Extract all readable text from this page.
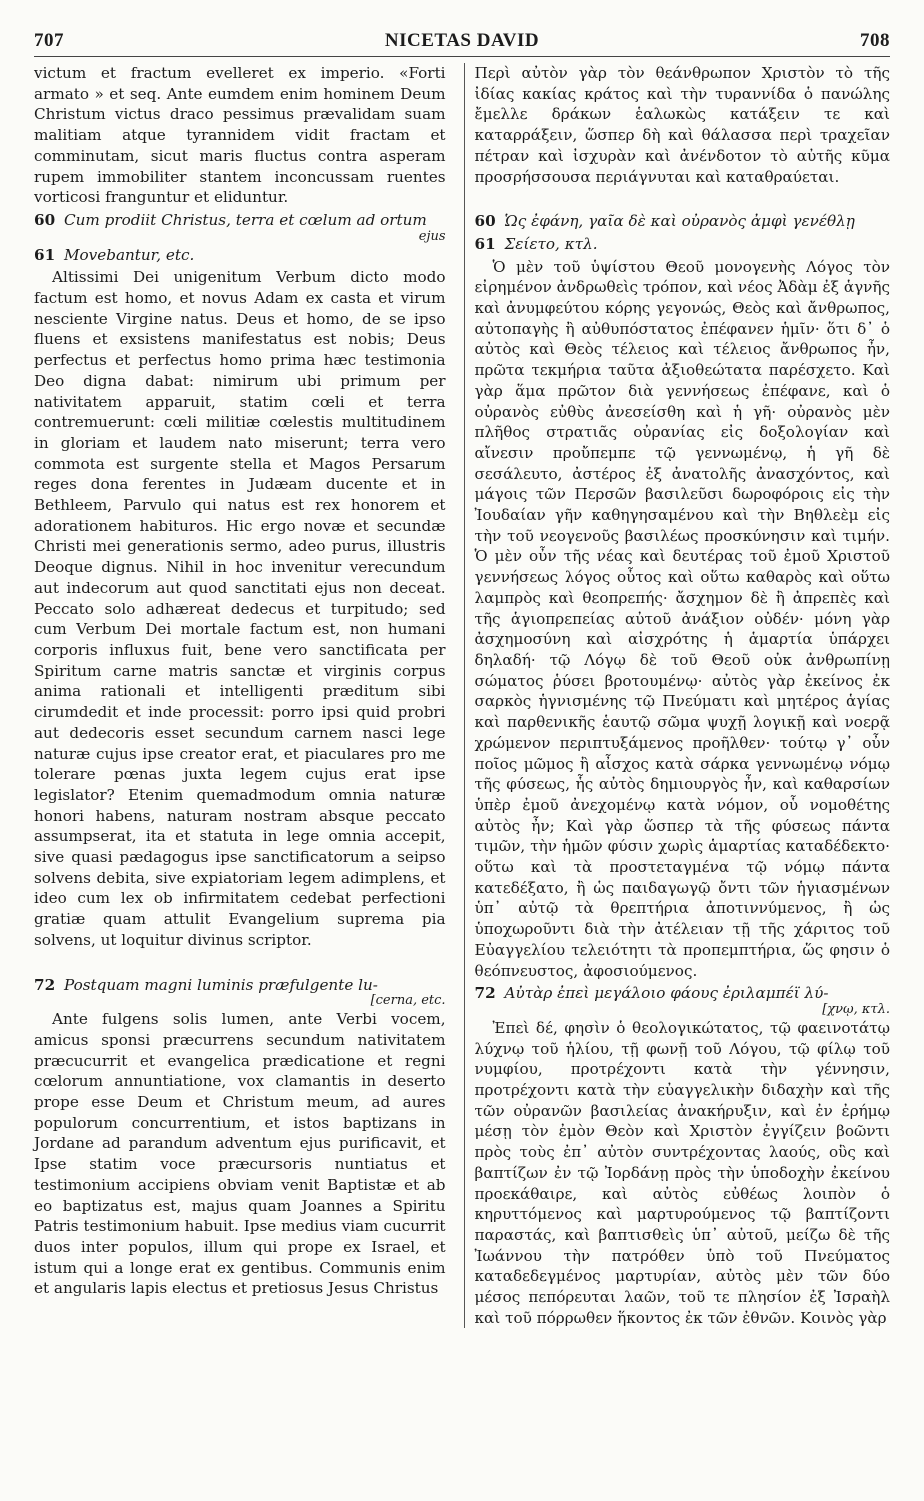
707	NICETAS DAVID	708

victum et fractum evelleret ex imperio. «Forti armato » et seq. Ante eumdem enim hominem Deum Christum victus draco pessimus prævalidam suam malitiam atque tyrannidem vidit fractam et comminutam, sicut maris fluctus contra asperam rupem immobiliter stantem inconcussam ruentes vorticosi franguntur et eliduntur.

60 Cum prodiit Christus, terra et cœlum ad ortum
ejus
61 Movebantur, etc.

Altissimi Dei unigenitum Verbum dicto modo factum est homo, et novus Adam ex casta et virum nesciente Virgine natus. Deus et homo, de se ipso fluens et exsistens manifestatus est nobis; Deus perfectus et perfectus homo prima hæc testimonia Deo digna dabat: nimirum ubi primum per nativitatem apparuit, statim cœli et terra contremuerunt: cœli militiæ cœlestis multitudinem in gloriam et laudem nato miserunt; terra vero commota est surgente stella et Magos Persarum reges dona ferentes in Judæam ducente et in Bethleem, Parvulo qui natus est rex honorem et adorationem habituros. Hic ergo novæ et secundæ Christi mei generationis sermo, adeo purus, illustris Deoque dignus. Nihil in hoc invenitur verecundum aut indecorum aut quod sanctitati ejus non deceat. Peccato solo adhæreat dedecus et turpitudo; sed cum Verbum Dei mortale factum est, non humani corporis influxus fuit, bene vero sanctificata per Spiritum carne matris sanctæ et virginis corpus anima rationali et intelligenti præditum sibi cirumdedit et inde processit: porro ipsi quid probri aut dedecoris esset secundum carnem nasci lege naturæ cujus ipse creator erat, et piaculares pro me tolerare pœnas juxta legem cujus erat ipse legislator? Etenim quemadmodum omnia naturæ honori habens, naturam nostram absque peccato assumpserat, ita et statuta in lege omnia accepit, sive quasi pædagogus ipse sanctificatorum a seipso solvens debita, sive expiatoriam legem adimplens, et ideo cum lex ob infirmitatem cedebat perfectioni gratiæ quam attulit Evangelium suprema pia solvens, ut loquitur divinus scriptor.

72 Postquam magni luminis præfulgente lu-
[cerna, etc.

Ante fulgens solis lumen, ante Verbi vocem, amicus sponsi præcurrens secundum nativitatem præcucurrit et evangelica prædicatione et regni cœlorum annuntiatione, vox clamantis in deserto prope esse Deum et Christum meum, ad aures populorum concurrentium, et istos baptizans in Jordane ad parandum adventum ejus purificavit, et Ipse statim voce præcursoris nuntiatus et testimonium accipiens obviam venit Baptistæ et ab eo baptizatus est, majus quam Joannes a Spiritu Patris testimonium habuit. Ipse medius viam cucurrit duos inter populos, illum qui prope ex Israel, et istum qui a longe erat ex gentibus. Communis enim et angularis lapis electus et pretiosus Jesus Christus

Περὶ αὐτὸν γὰρ τὸν θεάνθρωπον Χριστὸν τὸ τῆς ἰδίας κακίας κράτος καὶ τὴν τυραννίδα ὁ πανώλης ἔμελλε δράκων ἑαλωκὼς κατάξειν τε καὶ καταρράξειν, ὥσπερ δὴ καὶ θάλασσα περὶ τραχεῖαν πέτραν καὶ ἰσχυρὰν καὶ ἀνένδοτον τὸ αὐτῆς κῦμα προσρήσσουσα περιάγνυται καὶ καταθραύεται.

60 Ὡς ἐφάνη, γαῖα δὲ καὶ οὐρανὸς ἀμφὶ γενέθλῃ
61 Σείετο, κτλ.

Ὁ μὲν τοῦ ὑψίστου Θεοῦ μονογενὴς Λόγος τὸν εἰρημένον ἀνδρωθεὶς τρόπον, καὶ νέος Ἀδὰμ ἐξ ἁγνῆς καὶ ἀνυμφεύτου κόρης γεγονώς, Θεὸς καὶ ἄνθρωπος, αὐτοπαγὴς ἢ αὐθυπόστατος ἐπέφανεν ἡμῖν· ὅτι δ᾽ ὁ αὐτὸς καὶ Θεὸς τέλειος καὶ τέλειος ἄνθρωπος ἦν, πρῶτα τεκμήρια ταῦτα ἀξιοθεώτατα παρέσχετο. Καὶ γὰρ ἅμα πρῶτον διὰ γεννήσεως ἐπέφανε, καὶ ὁ οὐρανὸς εὐθὺς ἀνεσείσθη καὶ ἡ γῆ· οὐρανὸς μὲν πλῆθος στρατιᾶς οὐρανίας εἰς δοξολογίαν καὶ αἴνεσιν προὔπεμπε τῷ γεννωμένῳ, ἡ γῆ δὲ σεσάλευτο, ἀστέρος ἐξ ἀνατολῆς ἀνασχόντος, καὶ μάγοις τῶν Περσῶν βασιλεῦσι δωροφόροις εἰς τὴν Ἰουδαίαν γῆν καθηγησαμένου καὶ τὴν Βηθλεὲμ εἰς τὴν τοῦ νεογενοῦς βασιλέως προσκύνησιν καὶ τιμήν. Ὁ μὲν οὖν τῆς νέας καὶ δευτέρας τοῦ ἐμοῦ Χριστοῦ γεννήσεως λόγος οὗτος καὶ οὕτω καθαρὸς καὶ οὕτω λαμπρὸς καὶ θεοπρεπής· ἄσχημον δὲ ἢ ἀπρεπὲς καὶ τῆς ἁγιοπρεπείας αὐτοῦ ἀνάξιον οὐδέν· μόνη γὰρ ἀσχημοσύνη καὶ αἰσχρότης ἡ ἁμαρτία ὑπάρχει δηλαδή· τῷ Λόγῳ δὲ τοῦ Θεοῦ οὐκ ἀνθρωπίνῃ σώματος ῥύσει βροτουμένῳ· αὐτὸς γὰρ ἐκείνος ἐκ σαρκὸς ἡγνισμένης τῷ Πνεύματι καὶ μητέρος ἁγίας καὶ παρθενικῆς ἑαυτῷ σῶμα ψυχῇ λογικῇ καὶ νοερᾷ χρώμενον περιπτυξάμενος προῆλθεν· τούτῳ γ᾽ οὖν ποῖος μῶμος ἢ αἶσχος κατὰ σάρκα γεννωμένῳ νόμῳ τῆς φύσεως, ἧς αὐτὸς δημιουργὸς ἦν, καὶ καθαρσίων ὑπὲρ ἐμοῦ ἀνεχομένῳ κατὰ νόμον, οὗ νομοθέτης αὐτὸς ἦν; Καὶ γὰρ ὥσπερ τὰ τῆς φύσεως πάντα τιμῶν, τὴν ἡμῶν φύσιν χωρὶς ἁμαρτίας καταδέδεκτο· οὕτω καὶ τὰ προστεταγμένα τῷ νόμῳ πάντα κατεδέξατο, ἢ ὡς παιδαγωγῷ ὄντι τῶν ἡγιασμένων ὑπ᾽ αὐτῷ τὰ θρεπτήρια ἀποτιννύμενος, ἢ ὡς ὑποχωροῦντι διὰ τὴν ἀτέλειαν τῇ τῆς χάριτος τοῦ Εὐαγγελίου τελειότητι τὰ προπεμπτήρια, ὥς φησιν ὁ θεόπνευστος, ἀφοσιούμενος.

72 Αὐτὰρ ἐπεὶ μεγάλοιο φάους ἐριλαμπέϊ λύ-
[χνῳ, κτλ.

Ἐπεὶ δέ, φησὶν ὁ θεολογικώτατος, τῷ φαεινοτάτῳ λύχνῳ τοῦ ἡλίου, τῇ φωνῇ τοῦ Λόγου, τῷ φίλῳ τοῦ νυμφίου, προτρέχοντι κατὰ τὴν γέννησιν, προτρέχοντι κατὰ τὴν εὐαγγελικὴν διδαχὴν καὶ τῆς τῶν οὐρανῶν βασιλείας ἀνακήρυξιν, καὶ ἐν ἐρήμῳ μέσῃ τὸν ἐμὸν Θεὸν καὶ Χριστὸν ἐγγίζειν βοῶντι πρὸς τοὺς ἐπ᾽ αὐτὸν συντρέχοντας λαούς, οὓς καὶ βαπτίζων ἐν τῷ Ἰορδάνῃ πρὸς τὴν ὑποδοχὴν ἐκείνου προεκάθαιρε, καὶ αὐτὸς εὐθέως λοιπὸν ὁ κηρυττόμενος καὶ μαρτυρούμενος τῷ βαπτίζοντι παραστάς, καὶ βαπτισθεὶς ὑπ᾽ αὐτοῦ, μείζω δὲ τῆς Ἰωάννου τὴν πατρόθεν ὑπὸ τοῦ Πνεύματος καταδεδεγμένος μαρτυρίαν, αὐτὸς μὲν τῶν δύο μέσος πεπόρευται λαῶν, τοῦ τε πλησίον ἐξ Ἰσραὴλ καὶ τοῦ πόρρωθεν ἥκοντος ἐκ τῶν ἐθνῶν. Κοινὸς γὰρ
